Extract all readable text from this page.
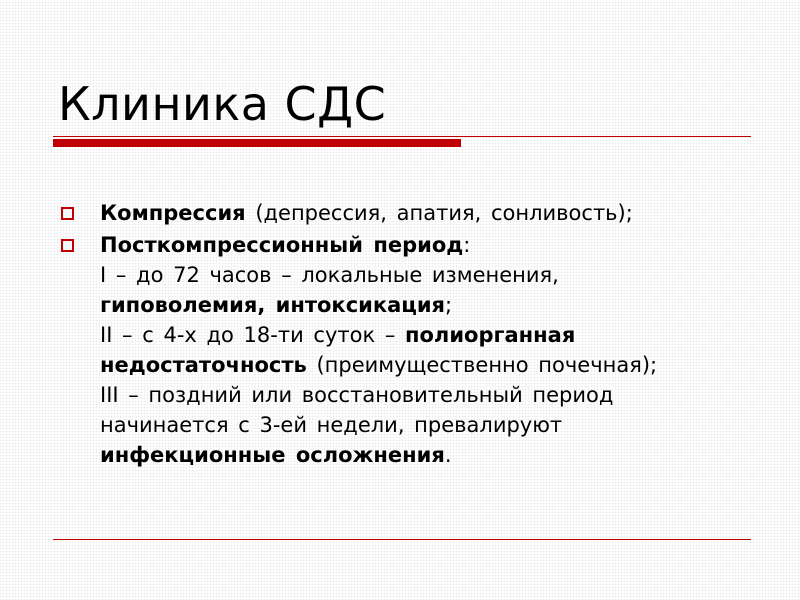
Клиника СДС
Компрессия (депрессия, апатия, сонливость);
Посткомпрессионный период:
I – до 72 часов – локальные изменения,
гиповолемия, интоксикация;
II – с 4-х до 18-ти суток – полиорганная
недостаточность (преимущественно почечная);
III – поздний или восстановительный период
начинается с 3-ей недели, превалируют
инфекционные осложнения.
